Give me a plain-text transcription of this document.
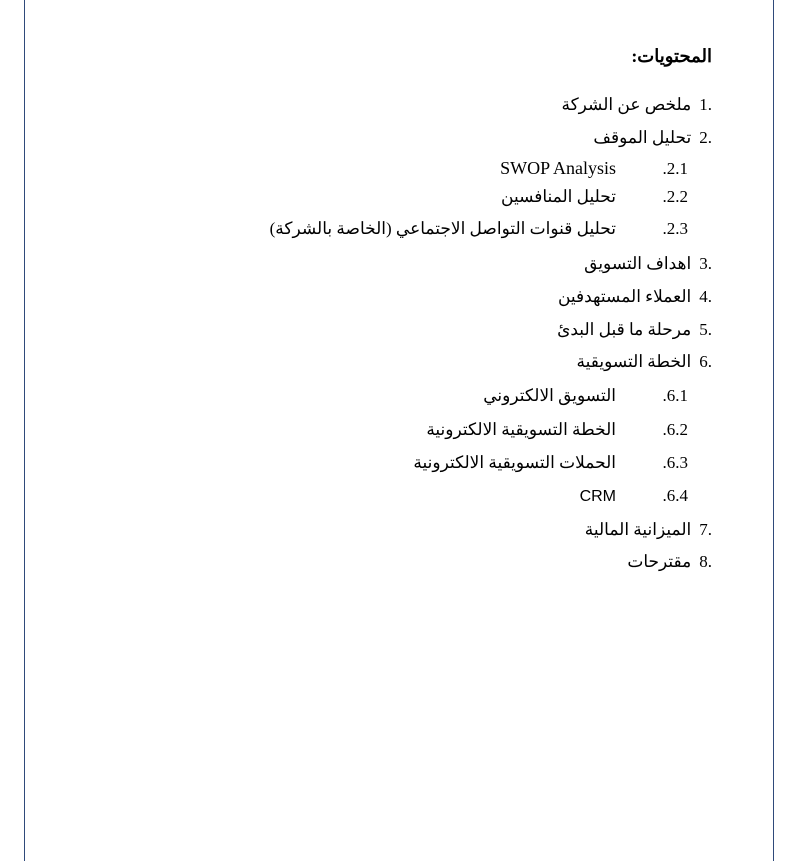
المحتويات:
1.ملخص عن الشركة
2.تحليل الموقف
.2.1SWOP Analysis
.2.2تحليل المنافسين
.2.3تحليل قنوات التواصل الاجتماعي (الخاصة بالشركة)
3.اهداف التسويق
4.العملاء المستهدفين
5.مرحلة ما قبل البدئ
6.الخطة التسويقية
.6.1التسويق الالكتروني
.6.2الخطة التسويقية الالكترونية
.6.3الحملات التسويقية الالكترونية
.6.4CRM
7.الميزانية المالية
8.مقترحات
